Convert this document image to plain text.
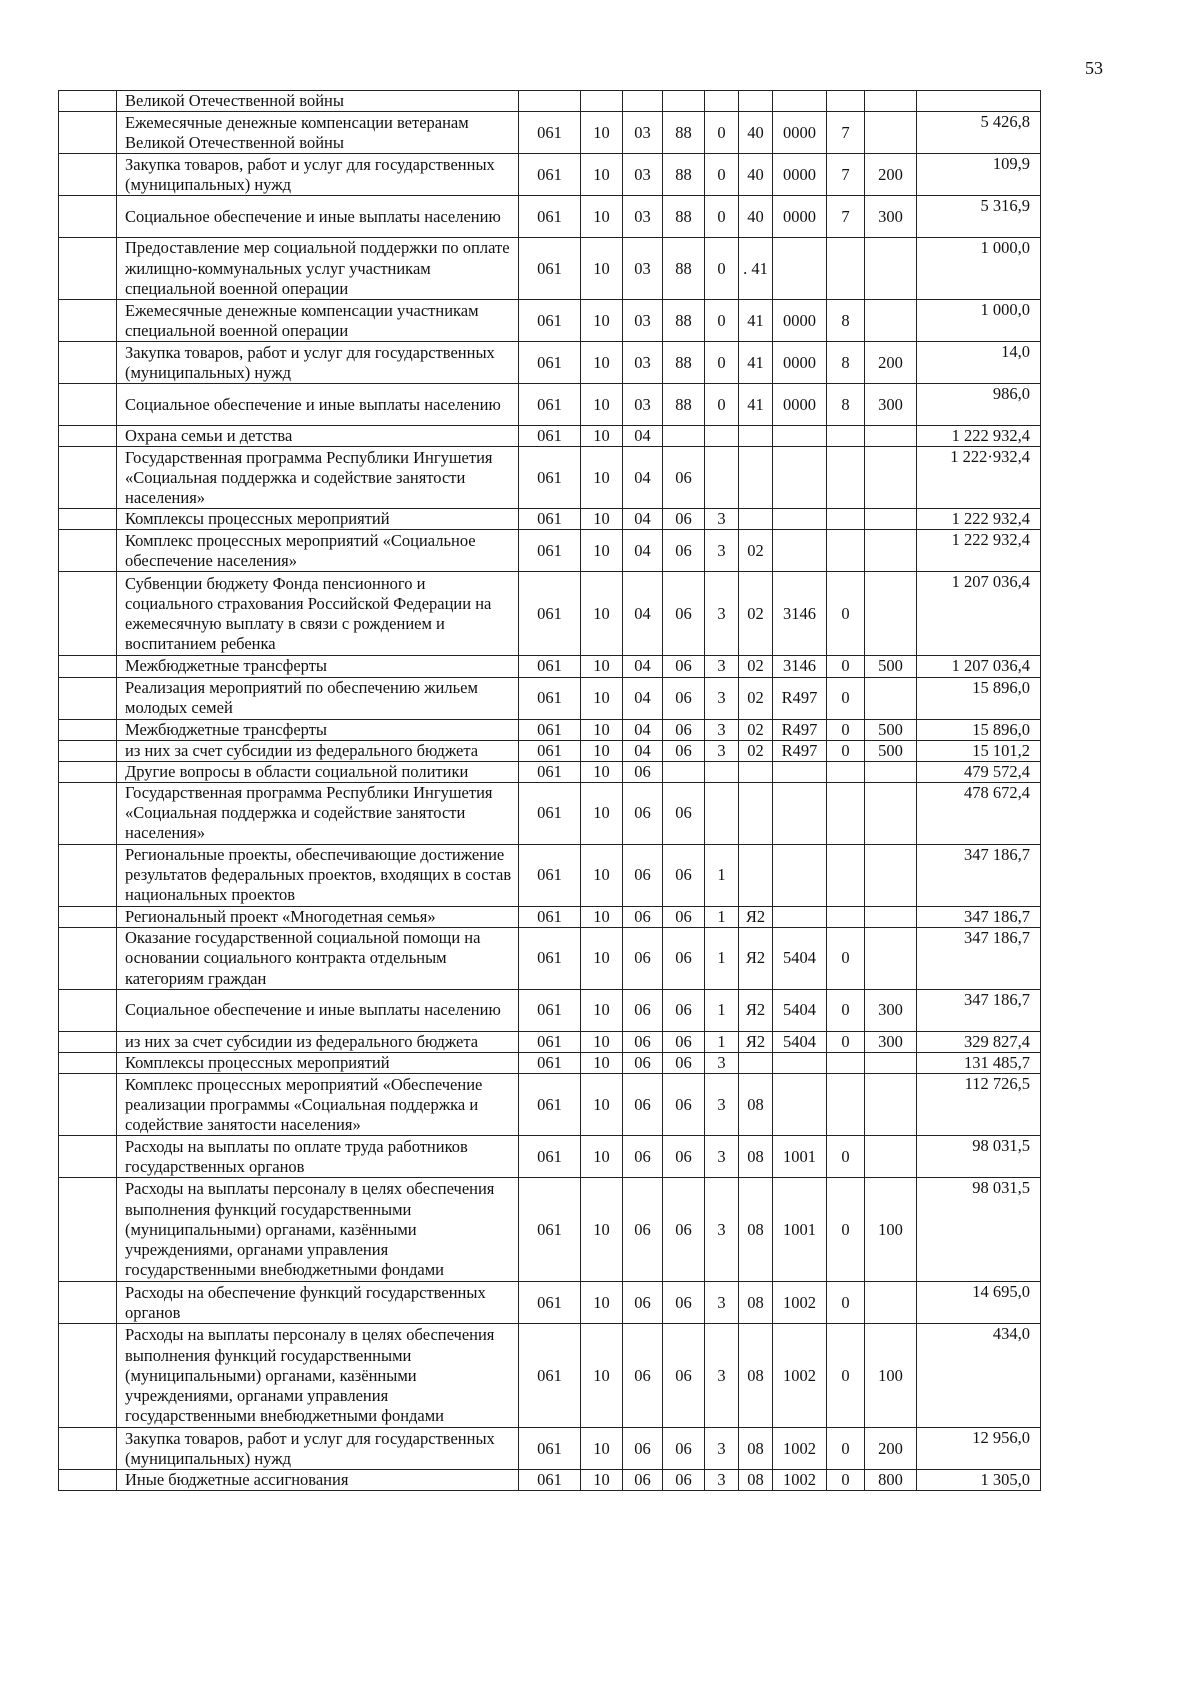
53
	Великой Отечественной войны										
	Ежемесячные денежные компенсации ветеранам Великой Отечественной войны	061	10	03	88	0	40	0000	7		5 426,8
	Закупка товаров, работ и услуг для государственных (муниципальных) нужд	061	10	03	88	0	40	0000	7	200	109,9
	Социальное обеспечение и иные выплаты населению	061	10	03	88	0	40	0000	7	300	5 316,9
	Предоставление мер социальной поддержки по оплате жилищно-коммунальных услуг участникам специальной военной операции	061	10	03	88	0	. 41				1 000,0
	Ежемесячные денежные компенсации участникам специальной военной операции	061	10	03	88	0	41	0000	8		1 000,0
	Закупка товаров, работ и услуг для государственных (муниципальных) нужд	061	10	03	88	0	41	0000	8	200	14,0
	Социальное обеспечение и иные выплаты населению	061	10	03	88	0	41	0000	8	300	986,0
	Охрана семьи и детства	061	10	04							1 222 932,4
	Государственная программа Республики Ингушетия «Социальная поддержка и содействие занятости населения»	061	10	04	06						1 222·932,4
	Комплексы процессных мероприятий	061	10	04	06	3					1 222 932,4
	Комплекс процессных мероприятий «Социальное обеспечение населения»	061	10	04	06	3	02				1 222 932,4
	Субвенции бюджету Фонда пенсионного и социального страхования Российской Федерации на ежемесячную выплату в связи с рождением и воспитанием ребенка	061	10	04	06	3	02	3146	0		1 207 036,4
	Межбюджетные трансферты	061	10	04	06	3	02	3146	0	500	1 207 036,4
	Реализация мероприятий по обеспечению жильем молодых семей	061	10	04	06	3	02	R497	0		15 896,0
	Межбюджетные трансферты	061	10	04	06	3	02	R497	0	500	15 896,0
	из них за счет субсидии из федерального бюджета	061	10	04	06	3	02	R497	0	500	15 101,2
	Другие вопросы в области социальной политики	061	10	06							479 572,4
	Государственная программа Республики Ингушетия «Социальная поддержка и содействие занятости населения»	061	10	06	06						478 672,4
	Региональные проекты, обеспечивающие достижение результатов федеральных проектов, входящих в состав национальных проектов	061	10	06	06	1					347 186,7
	Региональный проект «Многодетная семья»	061	10	06	06	1	Я2				347 186,7
	Оказание государственной социальной помощи на основании социального контракта отдельным категориям граждан	061	10	06	06	1	Я2	5404	0		347 186,7
	Социальное обеспечение и иные выплаты населению	061	10	06	06	1	Я2	5404	0	300	347 186,7
	из них за счет субсидии из федерального бюджета	061	10	06	06	1	Я2	5404	0	300	329 827,4
	Комплексы процессных мероприятий	061	10	06	06	3					131 485,7
	Комплекс процессных мероприятий «Обеспечение реализации программы «Социальная поддержка и содействие занятости населения»	061	10	06	06	3	08				112 726,5
	Расходы на выплаты по оплате труда работников государственных органов	061	10	06	06	3	08	1001	0		98 031,5
	Расходы на выплаты персоналу в целях обеспечения выполнения функций государственными (муниципальными) органами, казёнными учреждениями, органами управления государственными внебюджетными фондами	061	10	06	06	3	08	1001	0	100	98 031,5
	Расходы на обеспечение функций государственных органов	061	10	06	06	3	08	1002	0		14 695,0
	Расходы на выплаты персоналу в целях обеспечения выполнения функций государственными (муниципальными) органами, казёнными учреждениями, органами управления государственными внебюджетными фондами	061	10	06	06	3	08	1002	0	100	434,0
	Закупка товаров, работ и услуг для государственных (муниципальных) нужд	061	10	06	06	3	08	1002	0	200	12 956,0
	Иные бюджетные ассигнования	061	10	06	06	3	08	1002	0	800	1 305,0
